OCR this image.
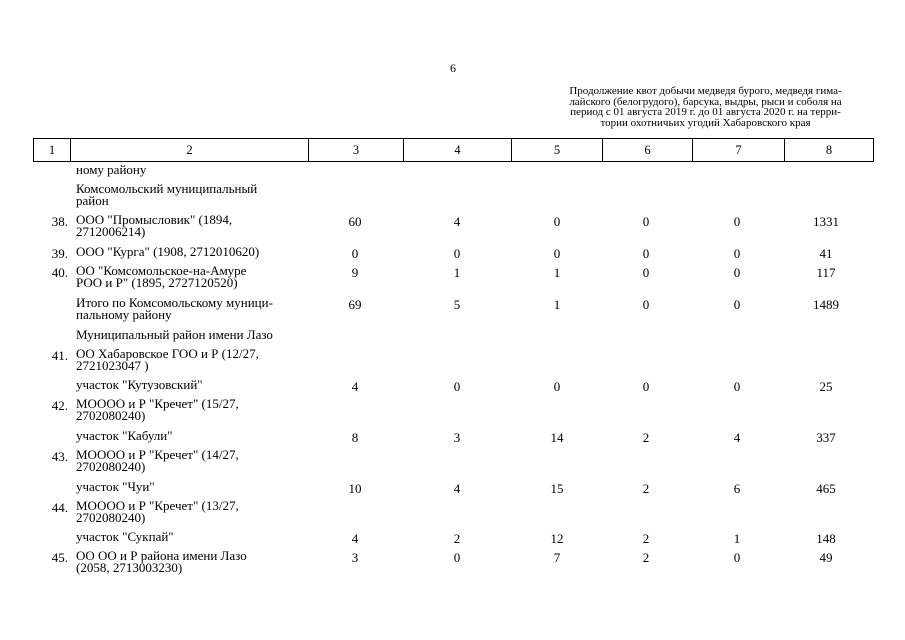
6
Продолжение квот добычи медведя бурого, медведя гима-
лайского (белогрудого), барсука, выдры, рыси и соболя на
период с 01 августа 2019 г. до 01 августа 2020 г. на терри-
тории охотничьих угодий Хабаровского края
1	2	3	4	5	6	7	8
ному району
Комсомольский муниципальный
район
38. ООО "Промысловик" (1894,
2712006214)
60	4	0	0	0	1331
39. ООО "Курга" (1908, 2712010620)	0	0	0	0	0	41
40. ОО "Комсомольское-на-Амуре
РОО и Р" (1895, 2727120520)
9	1	1	0	0	117
Итого по Комсомольскому муници-
пальному району
69	5	1	0	0	1489
Муниципальный район имени Лазо
41. ОО Хабаровское ГОО и Р (12/27,
2721023047 )
участок "Кутузовский"	4	0	0	0	0	25
42. МОООО и Р "Кречет" (15/27,
2702080240)
участок "Кабули"	8	3	14	2	4	337
43. МОООО и Р "Кречет" (14/27,
2702080240)
участок "Чуи"	10	4	15	2	6	465
44. МОООО и Р "Кречет" (13/27,
2702080240)
участок "Сукпай"	4	2	12	2	1	148
45. ОО ОО и Р района имени Лазо
(2058, 2713003230)
3	0	7	2	0	49
